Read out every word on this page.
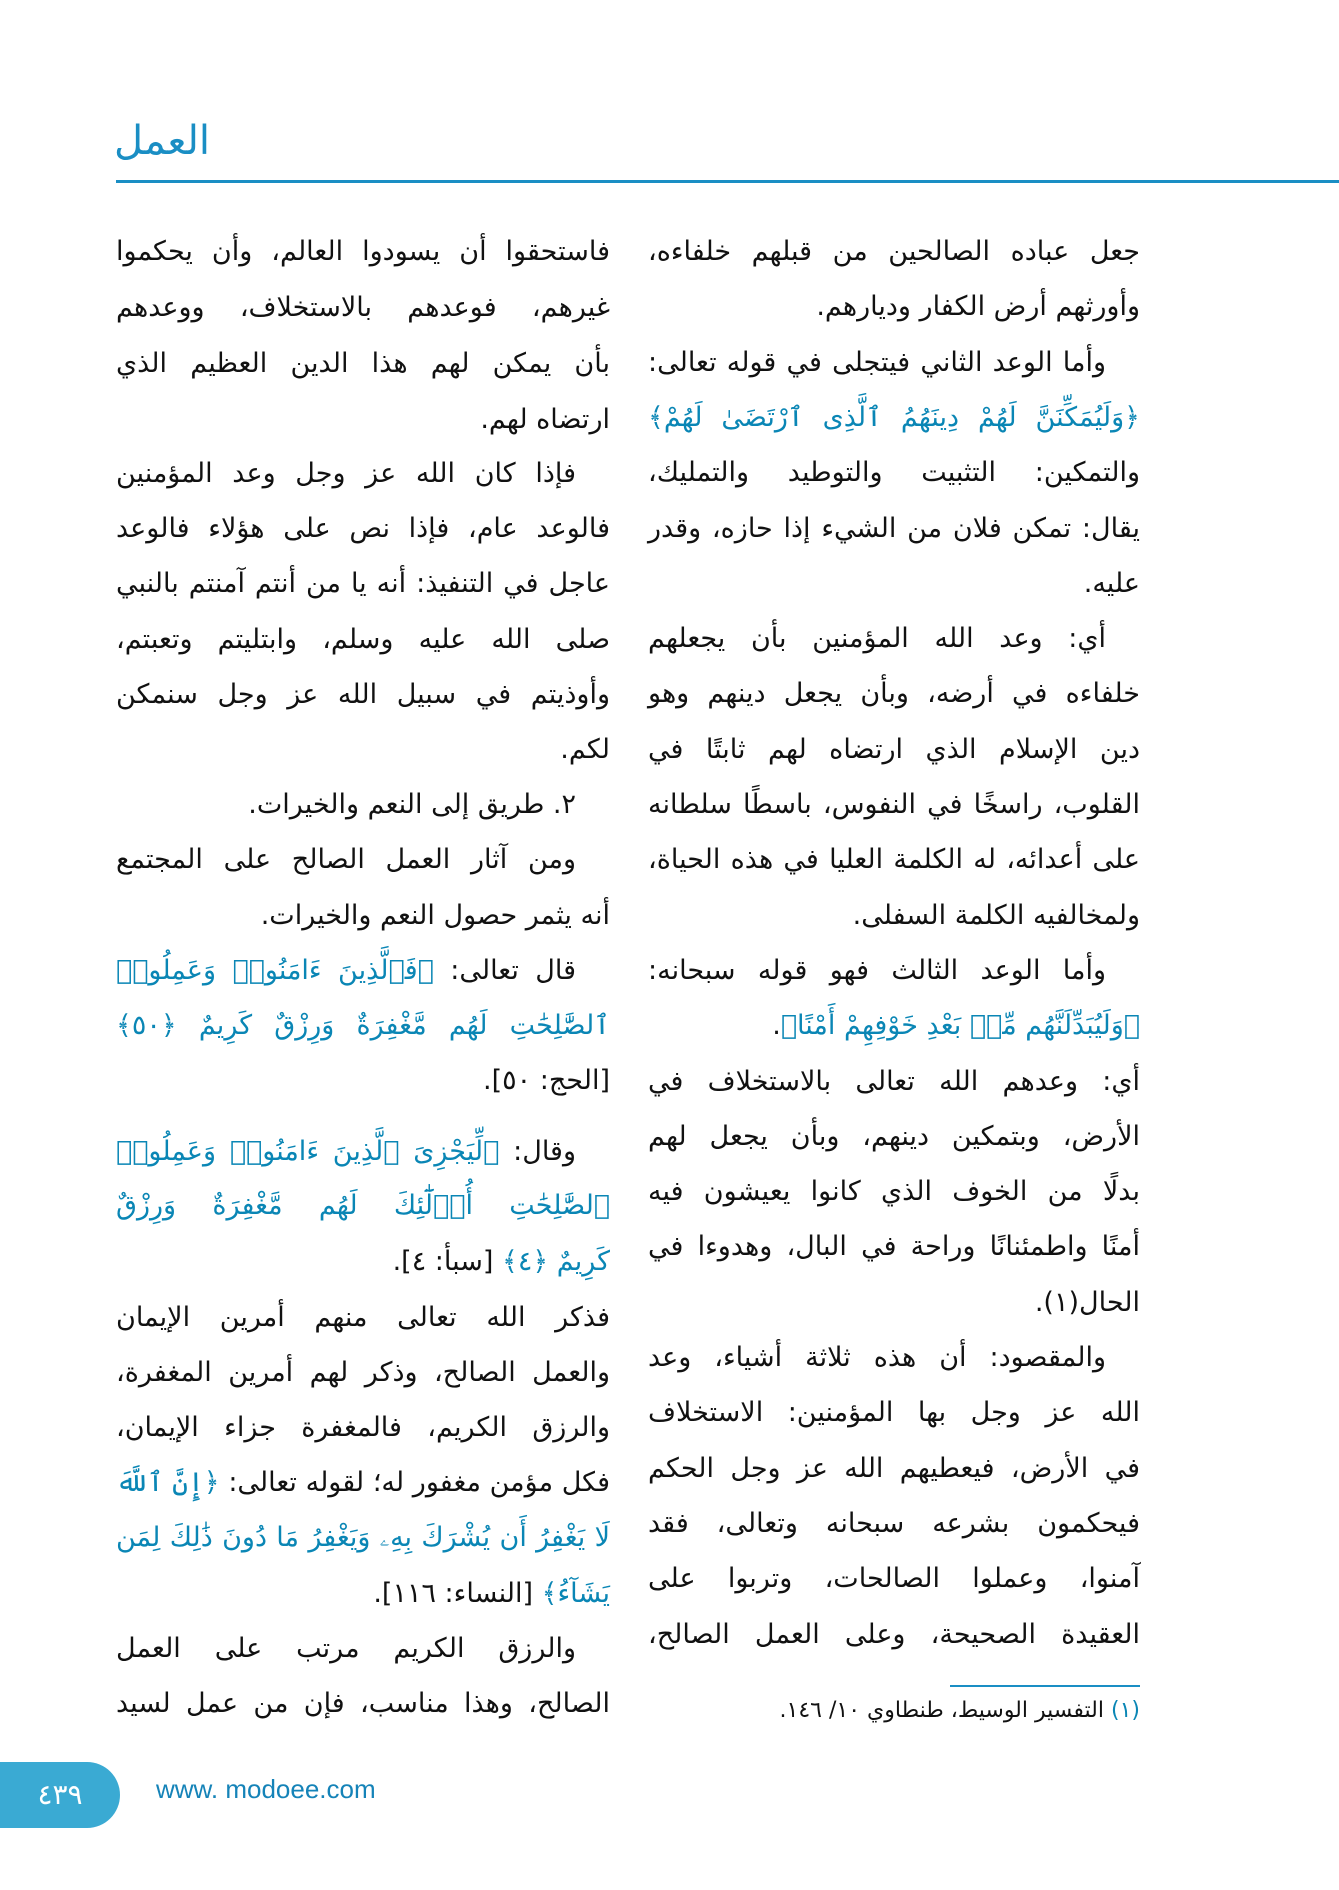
العمل
جعل عباده الصالحين من قبلهم خلفاءه،
وأورثهم أرض الكفار وديارهم.
وأما الوعد الثاني فيتجلى في قوله تعالى:
﴿وَلَيُمَكِّنَنَّ لَهُمْ دِينَهُمُ ٱلَّذِى ٱرْتَضَىٰ لَهُمْ﴾
والتمكين: التثبيت والتوطيد والتمليك،
يقال: تمكن فلان من الشيء إذا حازه، وقدر
عليه.
أي: وعد الله المؤمنين بأن يجعلهم
خلفاءه في أرضه، وبأن يجعل دينهم وهو
دين الإسلام الذي ارتضاه لهم ثابتًا في
القلوب، راسخًا في النفوس، باسطًا سلطانه
على أعدائه، له الكلمة العليا في هذه الحياة،
ولمخالفيه الكلمة السفلى.
وأما الوعد الثالث فهو قوله سبحانه:
﴿وَلَيُبَدِّلَنَّهُم مِّنۢ بَعْدِ خَوْفِهِمْ أَمْنًا﴾.
أي: وعدهم الله تعالى بالاستخلاف في
الأرض، وبتمكين دينهم، وبأن يجعل لهم
بدلًا من الخوف الذي كانوا يعيشون فيه
أمنًا واطمئنانًا وراحة في البال، وهدوءا في
الحال(١).
والمقصود: أن هذه ثلاثة أشياء، وعد
الله عز وجل بها المؤمنين: الاستخلاف
في الأرض، فيعطيهم الله عز وجل الحكم
فيحكمون بشرعه سبحانه وتعالى، فقد
آمنوا، وعملوا الصالحات، وتربوا على
العقيدة الصحيحة، وعلى العمل الصالح،
فاستحقوا أن يسودوا العالم، وأن يحكموا
غيرهم، فوعدهم بالاستخلاف، ووعدهم
بأن يمكن لهم هذا الدين العظيم الذي
ارتضاه لهم.
فإذا كان الله عز وجل وعد المؤمنين
فالوعد عام، فإذا نص على هؤلاء فالوعد
عاجل في التنفيذ: أنه يا من أنتم آمنتم بالنبي
صلى الله عليه وسلم، وابتليتم وتعبتم،
وأوذيتم في سبيل الله عز وجل سنمكن
لكم.
٢. طريق إلى النعم والخيرات.
ومن آثار العمل الصالح على المجتمع
أنه يثمر حصول النعم والخيرات.
قال تعالى: ﴿فَٱلَّذِينَ ءَامَنُوا۟ وَعَمِلُوا۟
ٱلصَّٰلِحَٰتِ لَهُم مَّغْفِرَةٌ وَرِزْقٌ كَرِيمٌ ﴿٥٠﴾
[الحج: ٥٠].
وقال: ﴿لِّيَجْزِىَ ٱلَّذِينَ ءَامَنُوا۟ وَعَمِلُوا۟
ٱلصَّٰلِحَٰتِ أُو۟لَٰٓئِكَ لَهُم مَّغْفِرَةٌ وَرِزْقٌ
كَرِيمٌ ﴿٤﴾ [سبأ: ٤].
فذكر الله تعالى منهم أمرين الإيمان
والعمل الصالح، وذكر لهم أمرين المغفرة،
والرزق الكريم، فالمغفرة جزاء الإيمان،
فكل مؤمن مغفور له؛ لقوله تعالى: ﴿إِنَّ ٱللَّهَ
لَا يَغْفِرُ أَن يُشْرَكَ بِهِۦ وَيَغْفِرُ مَا دُونَ ذَٰلِكَ لِمَن
يَشَآءُ﴾ [النساء: ١١٦].
والرزق الكريم مرتب على العمل
الصالح، وهذا مناسب، فإن من عمل لسيد	(١) التفسير الوسيط، طنطاوي ١٠/ ١٤٦.
٤٣٩	www. modoee.com
